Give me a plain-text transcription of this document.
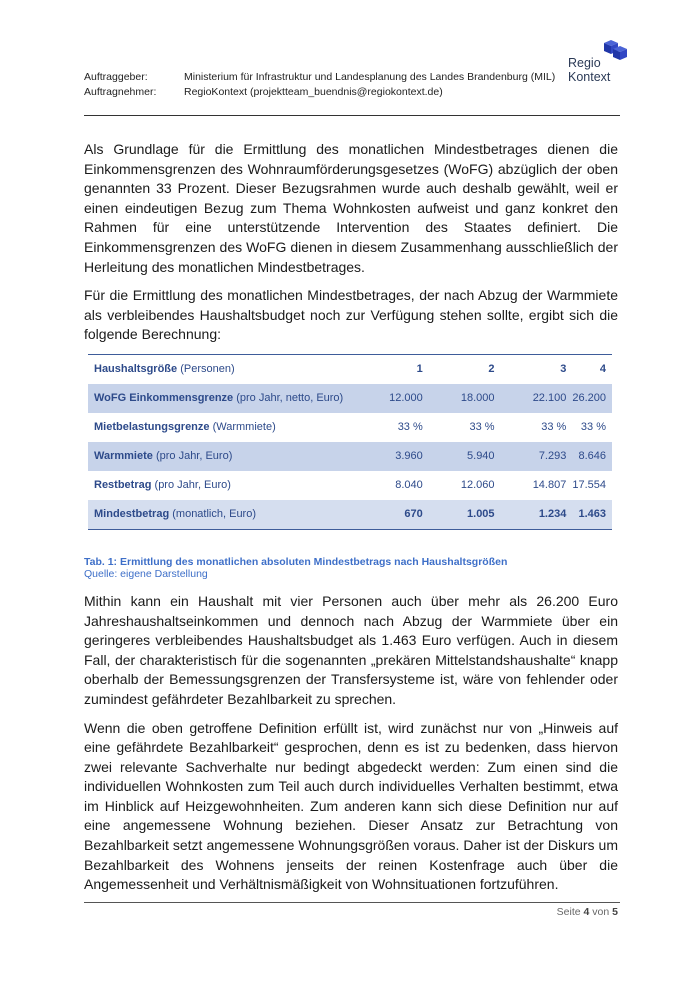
Regio
Kontext
Auftraggeber:	Ministerium für Infrastruktur und Landesplanung des Landes Brandenburg (MIL)
Auftragnehmer:	RegioKontext (projektteam_buendnis@regiokontext.de)

Als Grundlage für die Ermittlung des monatlichen Mindestbetrages dienen die Einkommensgrenzen des Wohnraumförderungsgesetzes (WoFG) abzüglich der oben genannten 33 Prozent. Dieser Bezugsrahmen wurde auch deshalb gewählt, weil er einen eindeutigen Bezug zum Thema Wohnkosten aufweist und ganz konkret den Rahmen für eine unterstützende Intervention des Staates definiert. Die Einkommensgrenzen des WoFG dienen in diesem Zusammenhang ausschließlich der Herleitung des monatlichen Mindestbetrages.

Für die Ermittlung des monatlichen Mindestbetrages, der nach Abzug der Warmmiete als verbleibendes Haushaltsbudget noch zur Verfügung stehen sollte, ergibt sich die folgende Berechnung:

Haushaltsgröße (Personen)	1	2	3	4
WoFG Einkommensgrenze (pro Jahr, netto, Euro)	12.000	18.000	22.100	26.200
Mietbelastungsgrenze (Warmmiete)	33 %	33 %	33 %	33 %
Warmmiete (pro Jahr, Euro)	3.960	5.940	7.293	8.646
Restbetrag (pro Jahr, Euro)	8.040	12.060	14.807	17.554
Mindestbetrag (monatlich, Euro)	670	1.005	1.234	1.463
Tab. 1: Ermittlung des monatlichen absoluten Mindestbetrags nach Haushaltsgrößen
Quelle: eigene Darstellung

Mithin kann ein Haushalt mit vier Personen auch über mehr als 26.200 Euro Jahreshaushaltseinkommen und dennoch nach Abzug der Warmmiete über ein geringeres verbleibendes Haushaltsbudget als 1.463 Euro verfügen. Auch in diesem Fall, der charakteristisch für die sogenannten „prekären Mittelstandshaushalte“ knapp oberhalb der Bemessungsgrenzen der Transfersysteme ist, wäre von fehlender oder zumindest gefährdeter Bezahlbarkeit zu sprechen.

Wenn die oben getroffene Definition erfüllt ist, wird zunächst nur von „Hinweis auf eine gefährdete Bezahlbarkeit“ gesprochen, denn es ist zu bedenken, dass hiervon zwei relevante Sachverhalte nur bedingt abgedeckt werden: Zum einen sind die individuellen Wohnkosten zum Teil auch durch individuelles Verhalten bestimmt, etwa im Hinblick auf Heizgewohnheiten. Zum anderen kann sich diese Definition nur auf eine angemessene Wohnung beziehen. Dieser Ansatz zur Betrachtung von Bezahlbarkeit setzt angemessene Wohnungsgrößen voraus. Daher ist der Diskurs um Bezahlbarkeit des Wohnens jenseits der reinen Kostenfrage auch über die Angemessenheit und Verhältnismäßigkeit von Wohnsituationen fortzuführen.

Seite 4 von 5
